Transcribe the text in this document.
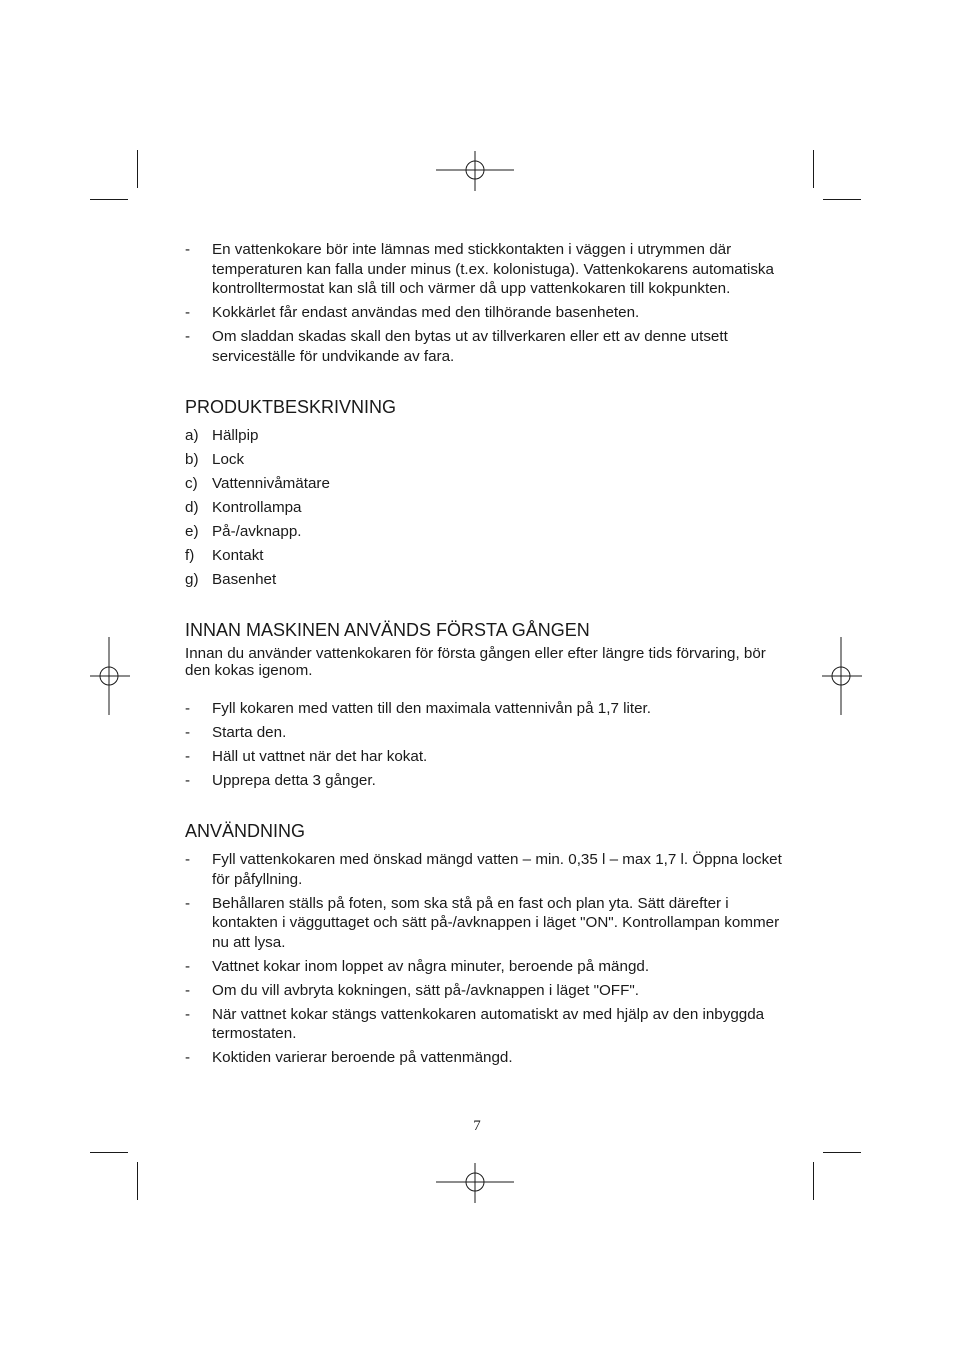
- En vattenkokare bör inte lämnas med stickkontakten i väggen i utrymmen där temperaturen kan falla under minus (t.ex. kolonistuga). Vattenkokarens automatiska kontrolltermostat kan slå till och värmer då upp vattenkokaren till kokpunkten.
- Kokkärlet får endast användas med den tilhörande basenheten.
- Om sladdan skadas skall den bytas ut av tillverkaren eller ett av denne utsett serviceställe för undvikande av fara.
PRODUKTBESKRIVNING
a) Hällpip
b) Lock
c) Vattennivåmätare
d) Kontrollampa
e) På-/avknapp.
f) Kontakt
g) Basenhet
INNAN MASKINEN ANVÄNDS FÖRSTA GÅNGEN
Innan du använder vattenkokaren för första gången eller efter längre tids förvaring, bör den kokas igenom.
- Fyll kokaren med vatten till den maximala vattennivån på 1,7 liter.
- Starta den.
- Häll ut vattnet när det har kokat.
- Upprepa detta 3 gånger.
ANVÄNDNING
- Fyll vattenkokaren med önskad mängd vatten – min. 0,35 l – max 1,7 l. Öppna locket för påfyllning.
- Behållaren ställs på foten, som ska stå på en fast och plan yta. Sätt därefter i kontakten i vägguttaget och sätt på-/avknappen i läget "ON". Kontrollampan kommer nu att lysa.
- Vattnet kokar inom loppet av några minuter, beroende på mängd.
- Om du vill avbryta kokningen, sätt på-/avknappen i läget "OFF".
- När vattnet kokar stängs vattenkokaren automatiskt av med hjälp av den inbyggda termostaten.
- Koktiden varierar beroende på vattenmängd.
7
